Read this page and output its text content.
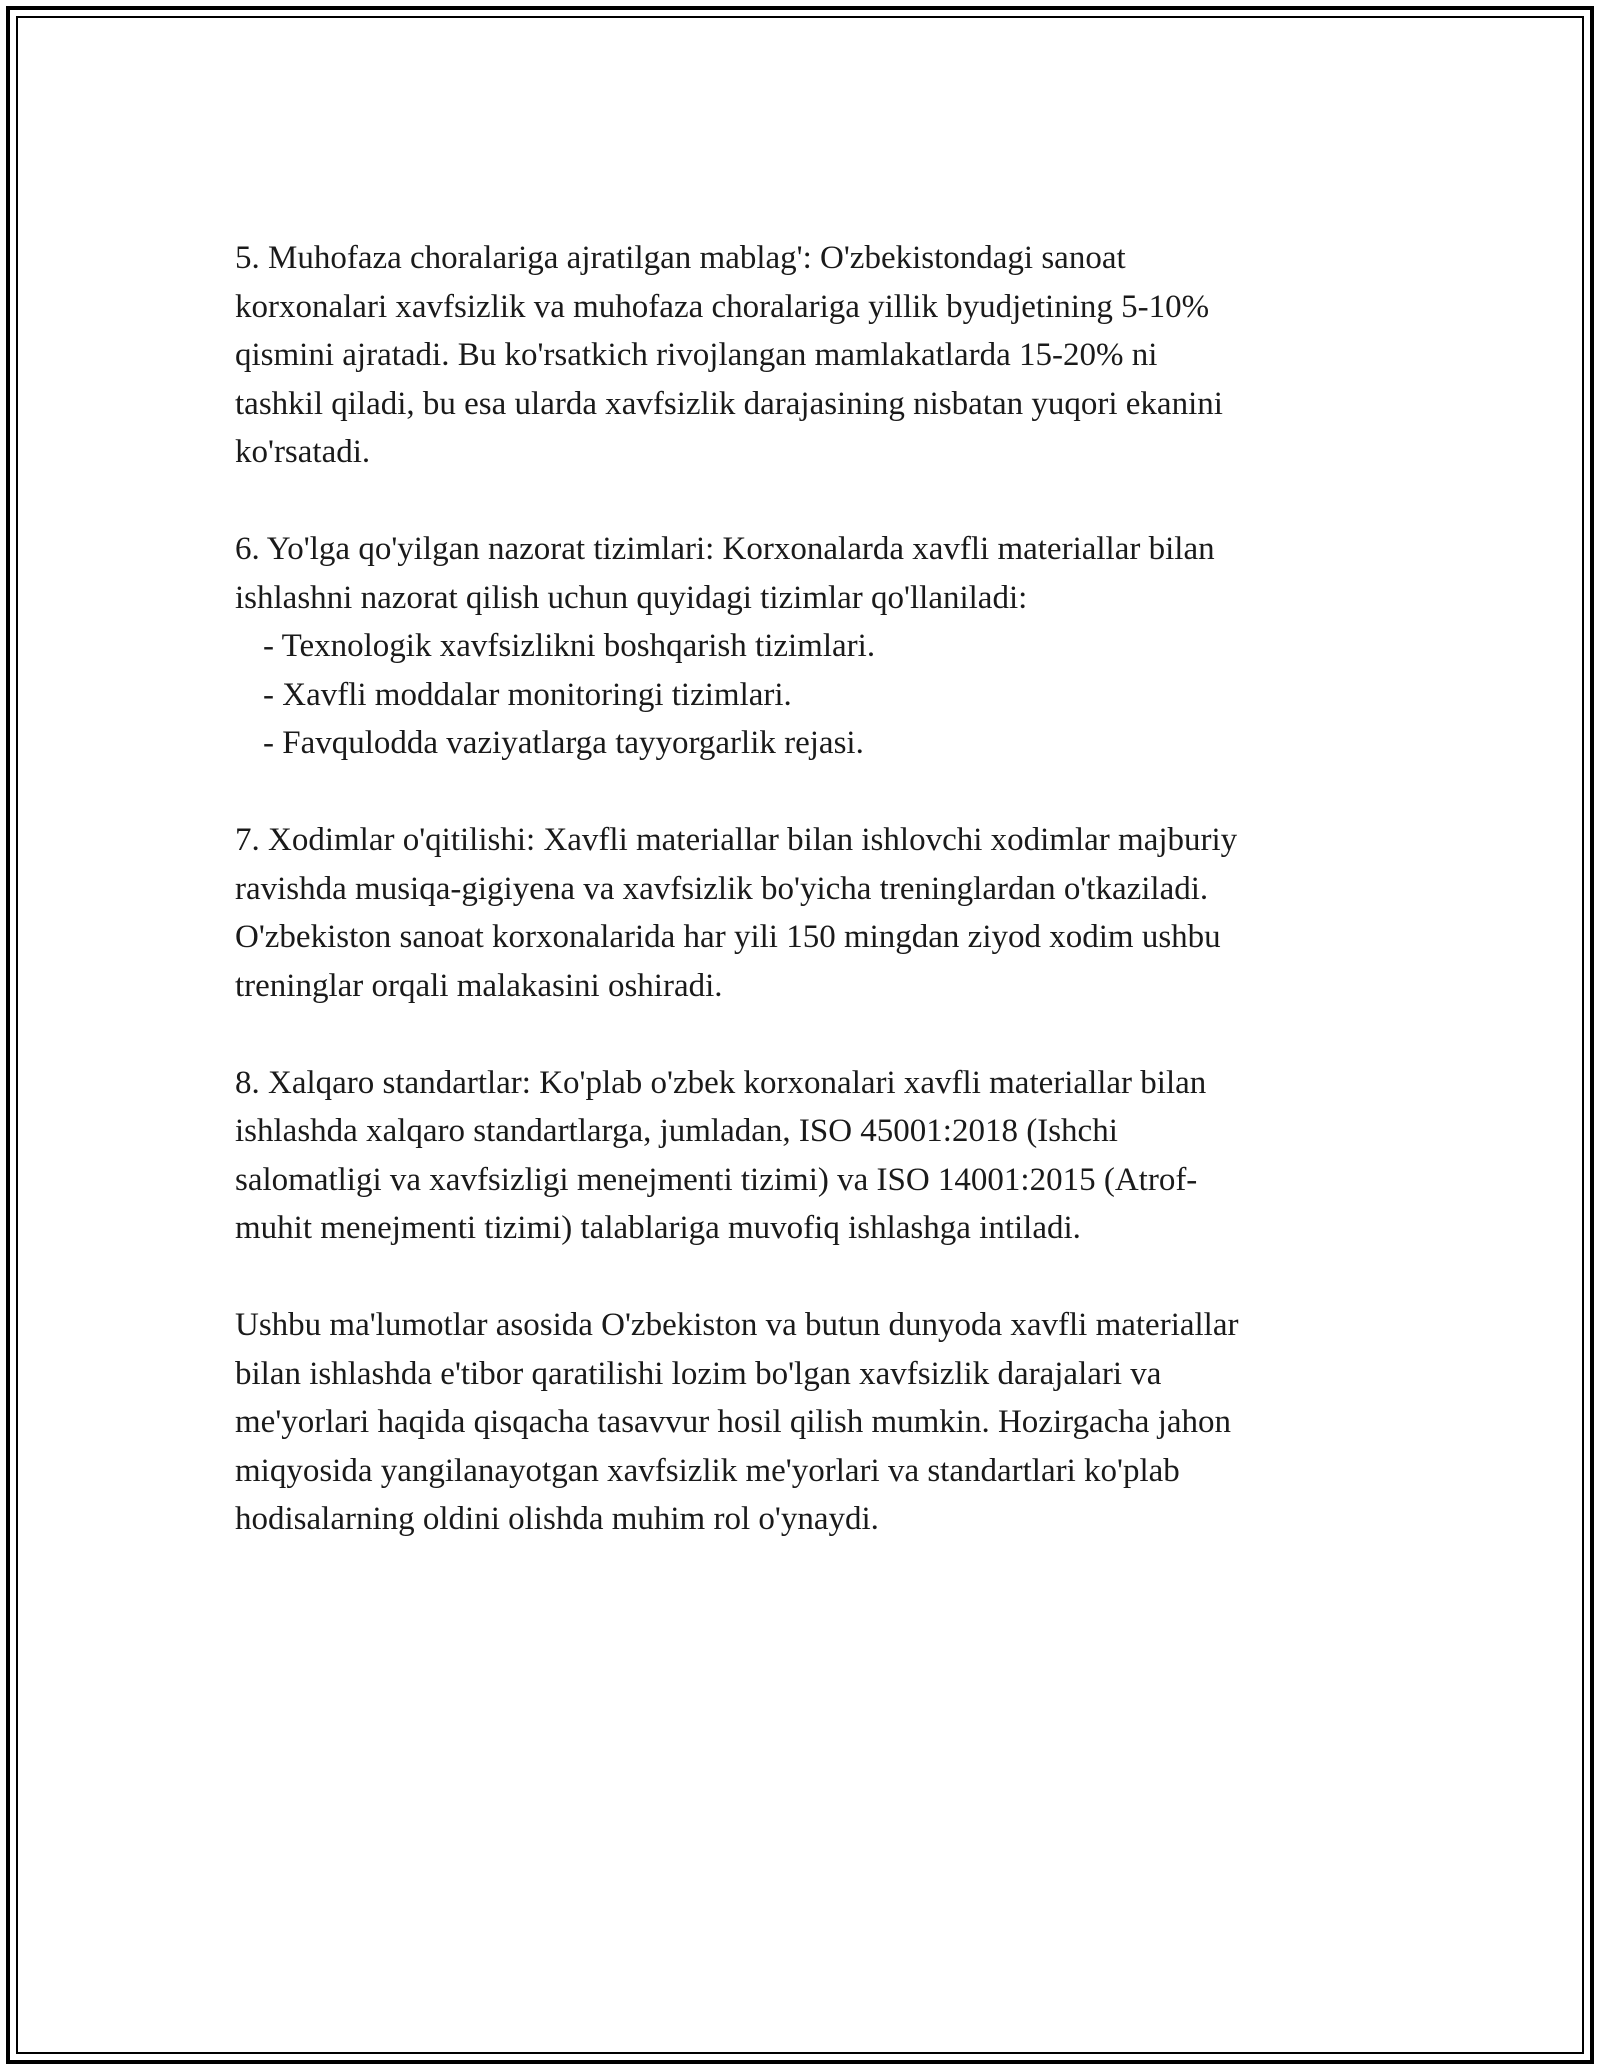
5. Muhofaza choralariga ajratilgan mablag': O'zbekistondagi sanoat
korxonalari xavfsizlik va muhofaza choralariga yillik byudjetining 5-10%
qismini ajratadi. Bu ko'rsatkich rivojlangan mamlakatlarda 15-20% ni
tashkil qiladi, bu esa ularda xavfsizlik darajasining nisbatan yuqori ekanini
ko'rsatadi.
6. Yo'lga qo'yilgan nazorat tizimlari: Korxonalarda xavfli materiallar bilan
ishlashni nazorat qilish uchun quyidagi tizimlar qo'llaniladi:
- Texnologik xavfsizlikni boshqarish tizimlari.
- Xavfli moddalar monitoringi tizimlari.
- Favqulodda vaziyatlarga tayyorgarlik rejasi.
7. Xodimlar o'qitilishi: Xavfli materiallar bilan ishlovchi xodimlar majburiy
ravishda musiqa-gigiyena va xavfsizlik bo'yicha treninglardan o'tkaziladi.
O'zbekiston sanoat korxonalarida har yili 150 mingdan ziyod xodim ushbu
treninglar orqali malakasini oshiradi.
8. Xalqaro standartlar: Ko'plab o'zbek korxonalari xavfli materiallar bilan
ishlashda xalqaro standartlarga, jumladan, ISO 45001:2018 (Ishchi
salomatligi va xavfsizligi menejmenti tizimi) va ISO 14001:2015 (Atrof-
muhit menejmenti tizimi) talablariga muvofiq ishlashga intiladi.
Ushbu ma'lumotlar asosida O'zbekiston va butun dunyoda xavfli materiallar
bilan ishlashda e'tibor qaratilishi lozim bo'lgan xavfsizlik darajalari va
me'yorlari haqida qisqacha tasavvur hosil qilish mumkin. Hozirgacha jahon
miqyosida yangilanayotgan xavfsizlik me'yorlari va standartlari ko'plab
hodisalarning oldini olishda muhim rol o'ynaydi.
